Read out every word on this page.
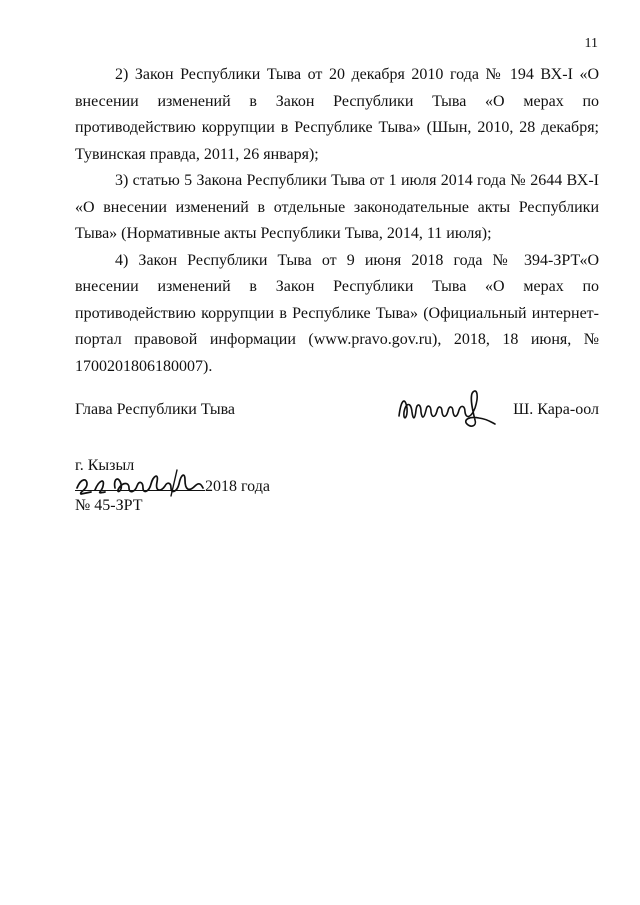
11

2) Закон Республики Тыва от 20 декабря 2010 года № 194 ВХ-I «О внесении изменений в Закон Республики Тыва «О мерах по противодействию коррупции в Республике Тыва» (Шын, 2010, 28 декабря; Тувинская правда, 2011, 26 января);

3) статью 5 Закона Республики Тыва от 1 июля 2014 года № 2644 ВХ-I «О внесении изменений в отдельные законодательные акты Республики Тыва» (Нормативные акты Республики Тыва, 2014, 11 июля);

4) Закон Республики Тыва от 9 июня 2018 года № 394-ЗРТ«О внесении изменений в Закон Республики Тыва «О мерах по противодействию коррупции в Республике Тыва» (Официальный интернет-портал правовой информации (www.pravo.gov.ru), 2018, 18 июня, № 1700201806180007).

Глава Республики Тыва	Ш. Кара-оол
г. Кызыл
2018 года
№ 45-ЗРТ
